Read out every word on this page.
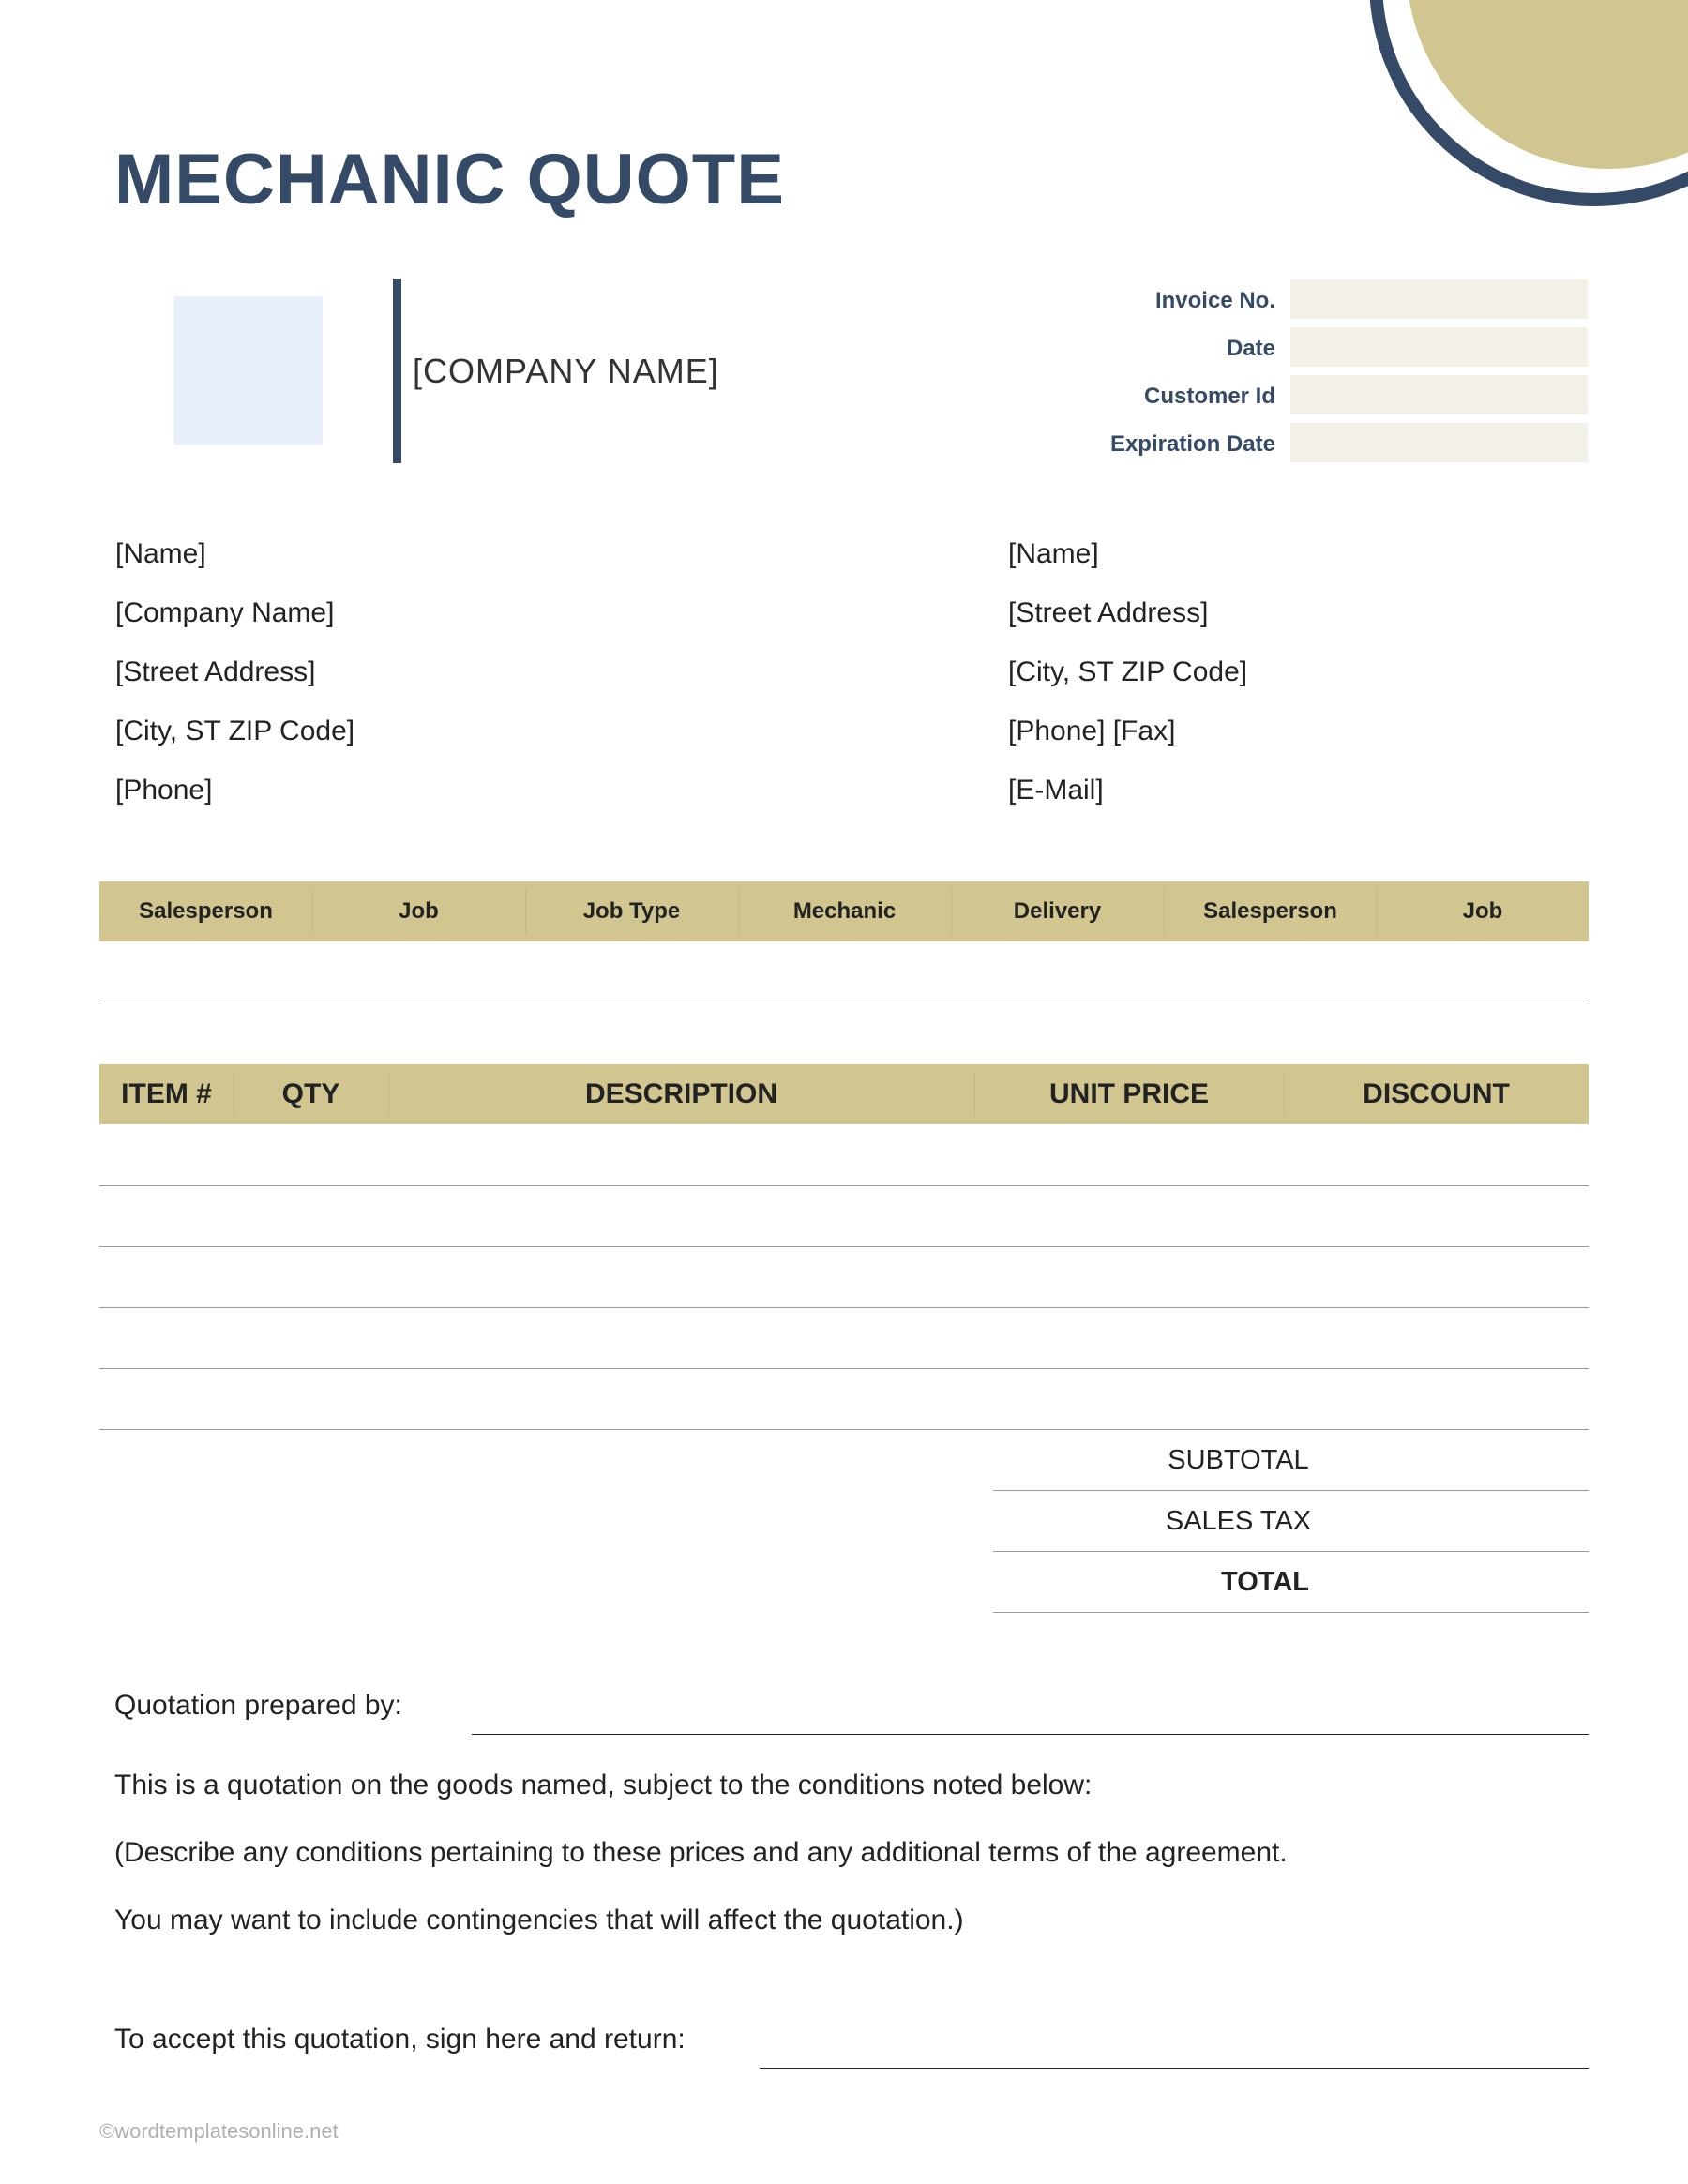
MECHANIC QUOTE
[COMPANY NAME]
Invoice No.
Date
Customer Id
Expiration Date
[Name]
[Company Name]
[Street Address]
[City, ST ZIP Code]
[Phone]
[Name]
[Street Address]
[City, ST ZIP Code]
[Phone] [Fax]
[E-Mail]
Salesperson	Job	Job Type	Mechanic	Delivery	Salesperson	Job
ITEM #	QTY	DESCRIPTION	UNIT PRICE	DISCOUNT
SUBTOTAL
SALES TAX
TOTAL
Quotation prepared by:
This is a quotation on the goods named, subject to the conditions noted below:
(Describe any conditions pertaining to these prices and any additional terms of the agreement.
You may want to include contingencies that will affect the quotation.)
To accept this quotation, sign here and return:
©wordtemplatesonline.net
